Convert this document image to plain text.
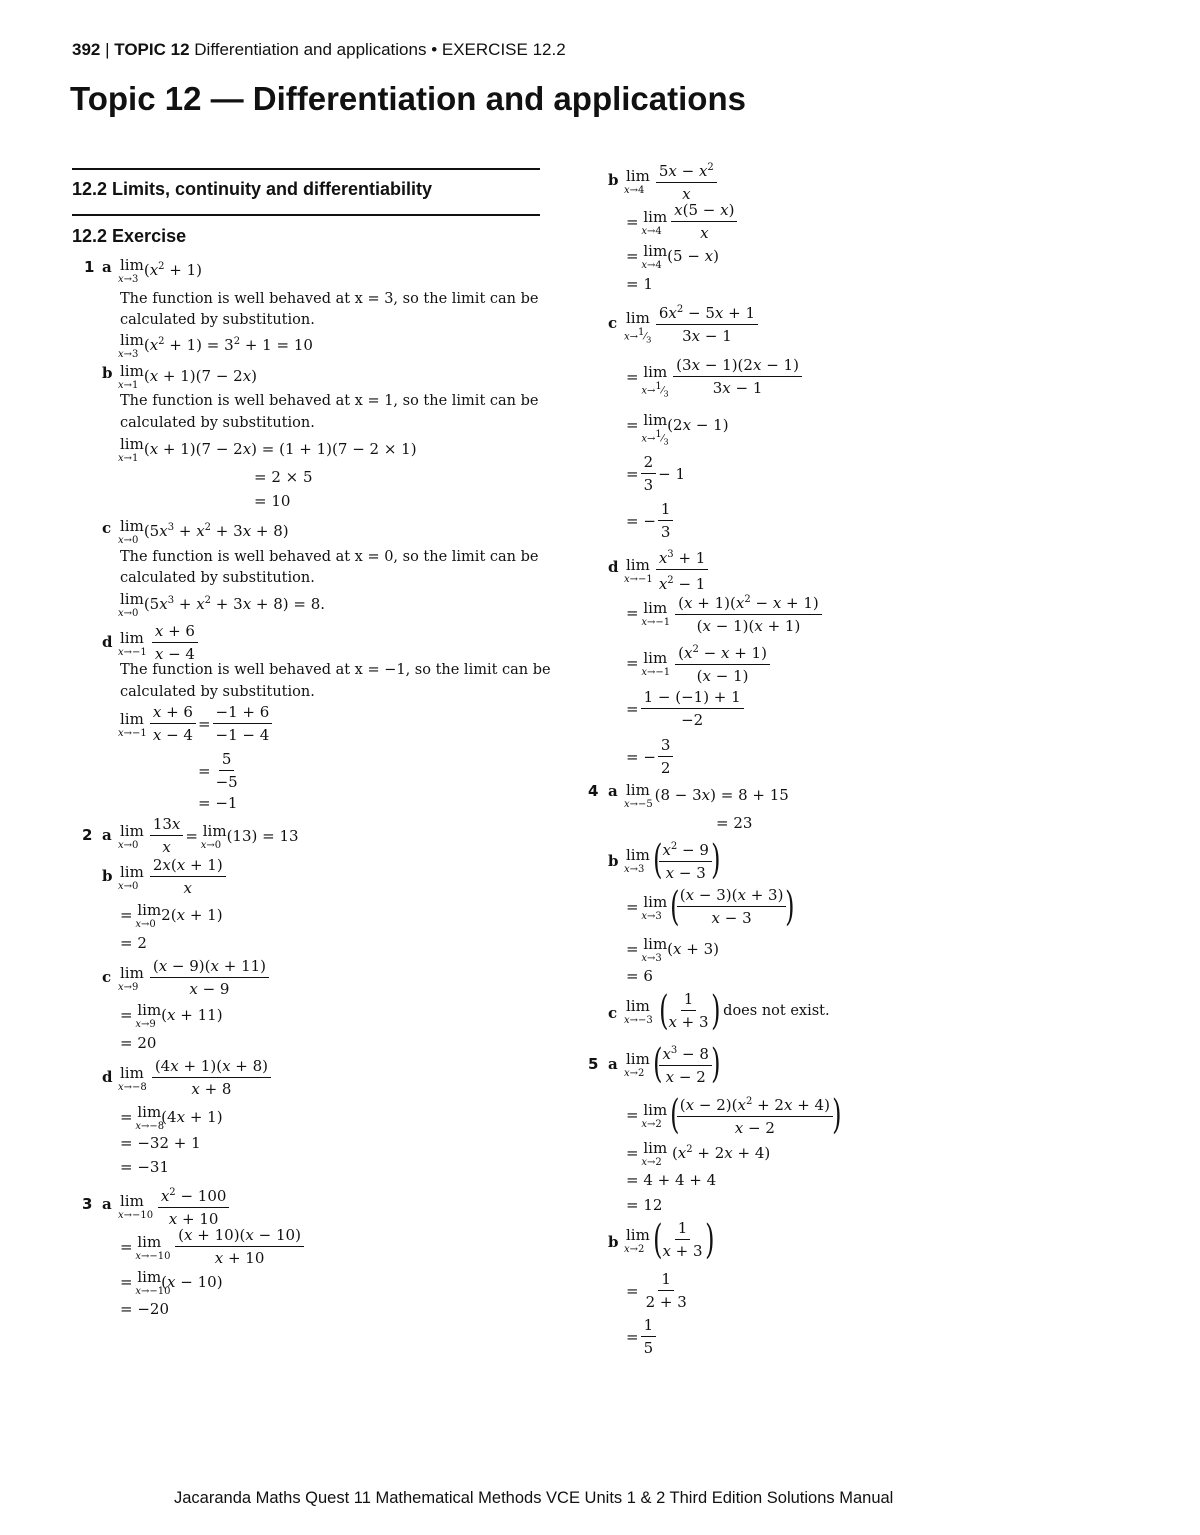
392 | TOPIC 12 Differentiation and applications • EXERCISE 12.2
Topic 12 — Differentiation and applications
12.2 Limits, continuity and differentiability
12.2 Exercise
1 a lim
x→3
$(x^2 + 1)$
The function is well behaved at x = 3, so the limit can be
calculated by substitution.
lim
x→3
$(x^2 + 1) = 3^2 + 1 = 10$
b lim
x→1
(x + 1)(7 − 2x)
The function is well behaved at x = 1, so the limit can be
calculated by substitution.
lim
x→1
(x + 1)(7 − 2x) = (1 + 1)(7 − 2 × 1)
= 2 × 5
= 10
c lim
x→0
$(5x^3 + x^2 + 3x + 8)$
The function is well behaved at x = 0, so the limit can be
calculated by substitution.
lim
x→0
$(5x^3 + x^2 + 3x + 8) = 8$.
d lim
$x\to-1 \frac{x + 6}{x - 4}$
The function is well behaved at x = −1, so the limit can be
calculated by substitution.
lim
$x\to-1 \frac{x + 6}{x - 4} = \frac{-1 + 6}{-1 - 4}$
= $\frac{5}{-5}$
= −1
2 a lim
$x\to 0 \frac{13x}{x} = \lim$
x→0
(13) = 13
b lim
$x\to 0 \frac{2x(x + 1)}{x}$
= lim
x→0
2(x + 1)
= 2
c lim
$x\to 9 \frac{(x - 9)(x + 11)}{x - 9}$
= lim
x→9
(x + 11)
= 20
d lim
$x\to-8 \frac{(4x + 1)(x + 8)}{x + 8}$
= lim
x→−8
(4x + 1)
= −32 + 1
= −31
3 a lim
$x\to-10 \frac{x^2 - 100}{x + 10}$
= lim
$x\to-10 \frac{(x + 10)(x - 10)}{x + 10}$
= lim
x→−10
(x − 10)
= −20
b lim
$x\to 4 \frac{5x - x^2}{x}$
= lim
$x\to 4 \frac{x(5 - x)}{x}$
= lim
x→4
(5 − x)
= 1
c lim
$x\to^1⁄_3 \frac{6x^2 - 5x + 1}{3x - 1}$
= lim
$x\to^1⁄_3 \frac{(3x - 1)(2x - 1)}{3x - 1}$
= lim
$x\to^1⁄_3$
(2x − 1)
= $\frac{2}{3} - 1$
= − $\frac{1}{3}$
d lim
$x\to-1 \frac{x^3 + 1}{x^2 - 1}$
= lim
$x\to-1 \frac{(x + 1)(x^2 - x + 1)}{(x - 1)(x + 1)}$
= lim
$x\to-1 \frac{(x^2 - x + 1)}{(x - 1)}$
= $\frac{1 - (-1) + 1}{-2}$
= − $\frac{3}{2}$
4 a lim
x→−5
(8 − 3x) = 8 + 15
= 23
b lim
x→3 (
$\frac{x^2 - 9}{x - 3}$ )
= lim
x→3 (
$\frac{(x - 3)(x + 3)}{x - 3}$ )
= lim
x→3
(x + 3)
= 6
c lim
x→−3 (
$\frac{1}{x + 3}$ ) does not exist.
5 a lim
x→2 (
$\frac{x^3 - 8}{x - 2}$ )
= lim
x→2 (
$\frac{(x - 2)(x^2 + 2x + 4)}{x - 2}$ )
= lim
x→2
$(x^2 + 2x + 4)$
= 4 + 4 + 4
= 12
b lim
x→2 (
$\frac{1}{x + 3}$ )
= $\frac{1}{2 + 3}$
= $\frac{1}{5}$
Jacaranda Maths Quest 11 Mathematical Methods VCE Units 1 & 2 Third Edition Solutions Manual
